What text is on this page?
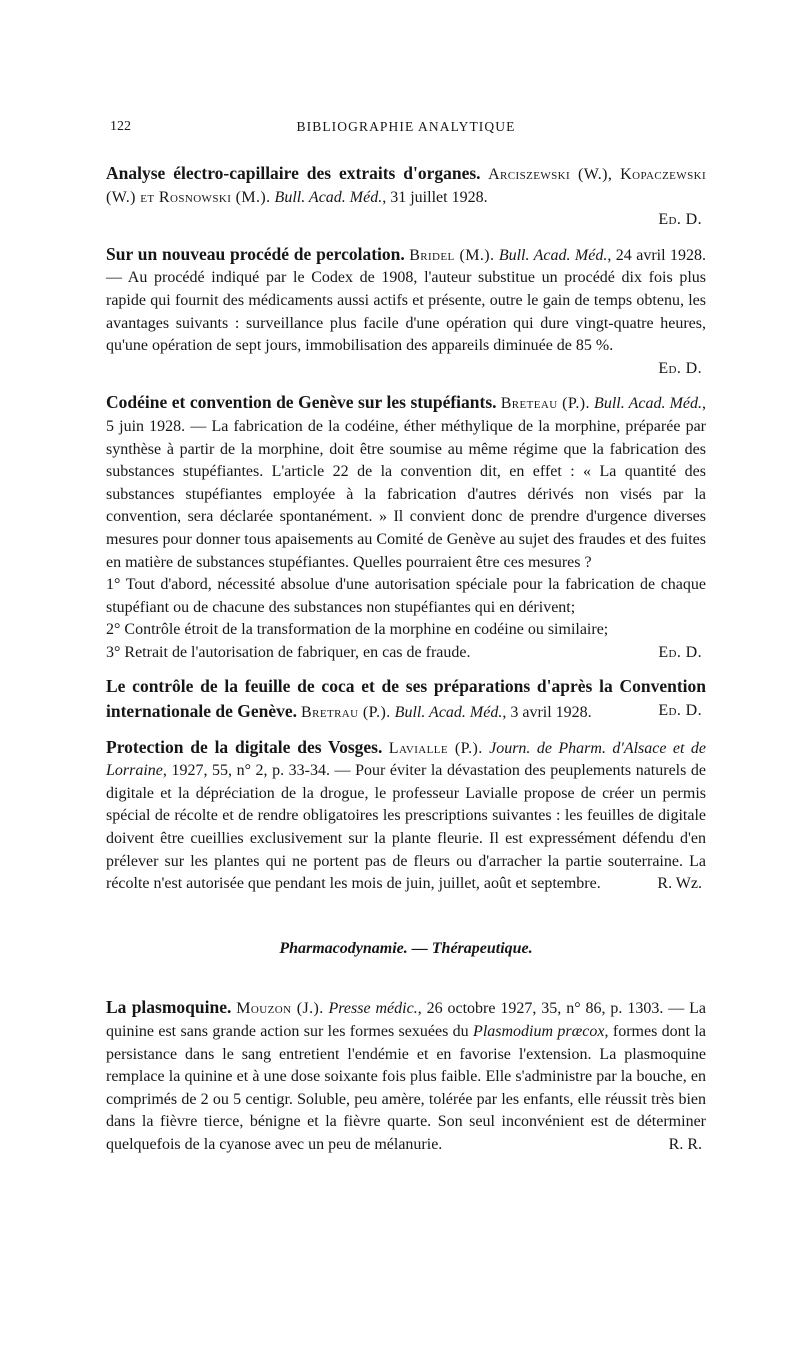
122	BIBLIOGRAPHIE ANALYTIQUE

Analyse électro-capillaire des extraits d'organes. Arciszewski (W.), Kopaczewski (W.) et Rosnowski (M.). Bull. Acad. Méd., 31 juillet 1928.

Ed. D.

Sur un nouveau procédé de percolation. Bridel (M.). Bull. Acad. Méd., 24 avril 1928. — Au procédé indiqué par le Codex de 1908, l'auteur substitue un procédé dix fois plus rapide qui fournit des médicaments aussi actifs et présente, outre le gain de temps obtenu, les avantages suivants : surveillance plus facile d'une opération qui dure vingt-quatre heures, qu'une opération de sept jours, immobilisation des appareils diminuée de 85 %.

Ed. D.

Codéine et convention de Genève sur les stupéfiants. Breteau (P.). Bull. Acad. Méd., 5 juin 1928. — La fabrication de la codéine, éther méthylique de la morphine, préparée par synthèse à partir de la morphine, doit être soumise au même régime que la fabrication des substances stupéfiantes. L'article 22 de la convention dit, en effet : « La quantité des substances stupéfiantes employée à la fabrication d'autres dérivés non visés par la convention, sera déclarée spontanément. » Il convient donc de prendre d'urgence diverses mesures pour donner tous apaisements au Comité de Genève au sujet des fraudes et des fuites en matière de substances stupéfiantes. Quelles pourraient être ces mesures ?

1° Tout d'abord, nécessité absolue d'une autorisation spéciale pour la fabrication de chaque stupéfiant ou de chacune des substances non stupéfiantes qui en dérivent;

2° Contrôle étroit de la transformation de la morphine en codéine ou similaire;

3° Retrait de l'autorisation de fabriquer, en cas de fraude.	Ed. D.

Le contrôle de la feuille de coca et de ses préparations d'après la Convention internationale de Genève. Bretrau (P.). Bull. Acad. Méd., 3 avril 1928.	Ed. D.

Protection de la digitale des Vosges. Lavialle (P.). Journ. de Pharm. d'Alsace et de Lorraine, 1927, 55, n° 2, p. 33-34. — Pour éviter la dévastation des peuplements naturels de digitale et la dépréciation de la drogue, le professeur Lavialle propose de créer un permis spécial de récolte et de rendre obligatoires les prescriptions suivantes : les feuilles de digitale doivent être cueillies exclusivement sur la plante fleurie. Il est expressément défendu d'en prélever sur les plantes qui ne portent pas de fleurs ou d'arracher la partie souterraine. La récolte n'est autorisée que pendant les mois de juin, juillet, août et septembre.	R. Wz.

Pharmacodynamie. — Thérapeutique.

La plasmoquine. Mouzon (J.). Presse médic., 26 octobre 1927, 35, n° 86, p. 1303. — La quinine est sans grande action sur les formes sexuées du Plasmodium præcox, formes dont la persistance dans le sang entretient l'endémie et en favorise l'extension. La plasmoquine remplace la quinine et à une dose soixante fois plus faible. Elle s'administre par la bouche, en comprimés de 2 ou 5 centigr. Soluble, peu amère, tolérée par les enfants, elle réussit très bien dans la fièvre tierce, bénigne et la fièvre quarte. Son seul inconvénient est de déterminer quelquefois de la cyanose avec un peu de mélanurie.	R. R.
